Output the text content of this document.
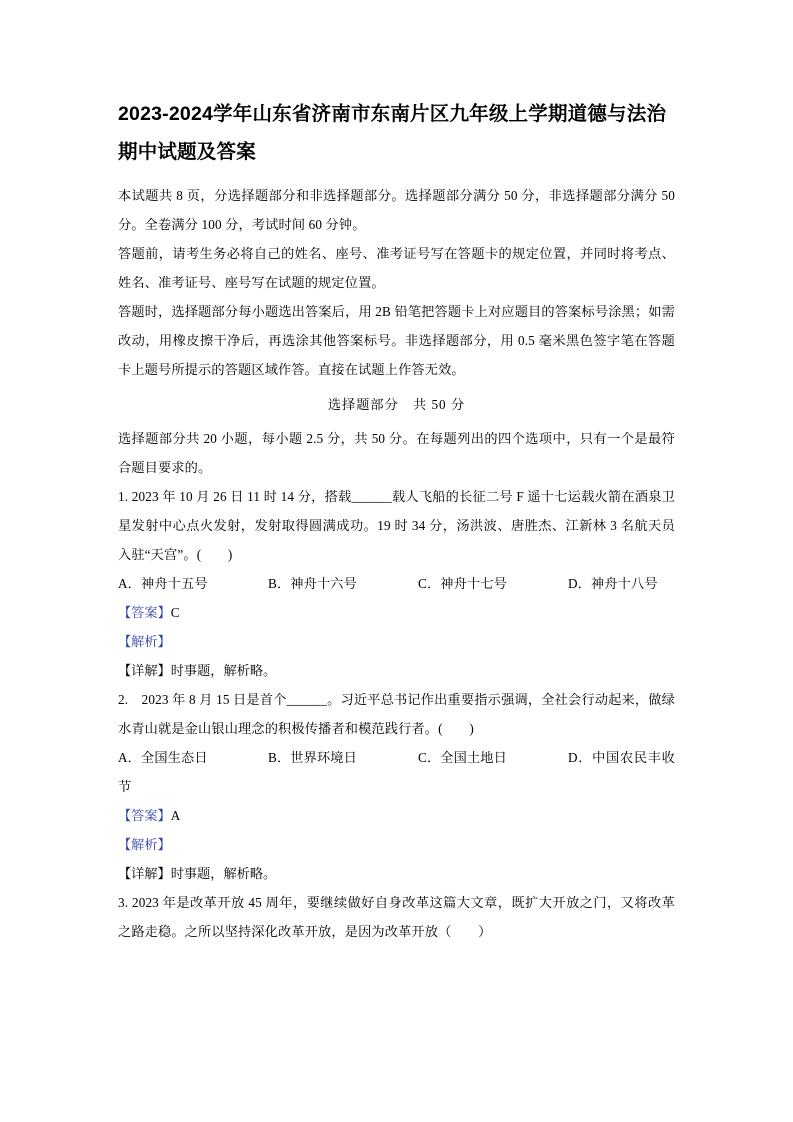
2023-2024学年山东省济南市东南片区九年级上学期道德与法治期中试题及答案

本试题共 8 页，分选择题部分和非选择题部分。选择题部分满分 50 分，非选择题部分满分 50 分。全卷满分 100 分，考试时间 60 分钟。

答题前，请考生务必将自己的姓名、座号、准考证号写在答题卡的规定位置，并同时将考点、姓名、准考证号、座号写在试题的规定位置。

答题时，选择题部分每小题选出答案后，用 2B 铅笔把答题卡上对应题目的答案标号涂黑；如需改动，用橡皮擦干净后，再选涂其他答案标号。非选择题部分，用 0.5 毫米黑色签字笔在答题卡上题号所提示的答题区域作答。直接在试题上作答无效。

选择题部分　共 50 分

选择题部分共 20 小题，每小题 2.5 分，共 50 分。在每题列出的四个选项中，只有一个是最符合题目要求的。

1. 2023 年 10 月 26 日 11 时 14 分，搭载______载人飞船的长征二号 F 遥十七运载火箭在酒泉卫星发射中心点火发射，发射取得圆满成功。19 时 34 分，汤洪波、唐胜杰、江新林 3 名航天员入驻“天宫”。(　　)

A．神舟十五号	B．神舟十六号	C．神舟十七号	D．神舟十八号

【答案】C

【解析】

【详解】时事题，解析略。

2.　2023 年 8 月 15 日是首个______。习近平总书记作出重要指示强调，全社会行动起来，做绿水青山就是金山银山理念的积极传播者和模范践行者。(　　)

A．全国生态日	B．世界环境日	C．全国土地日	D．中国农民丰收节

【答案】A

【解析】

【详解】时事题，解析略。

3. 2023 年是改革开放 45 周年，要继续做好自身改革这篇大文章，既扩大开放之门，又将改革之路走稳。之所以坚持深化改革开放，是因为改革开放（　　）
